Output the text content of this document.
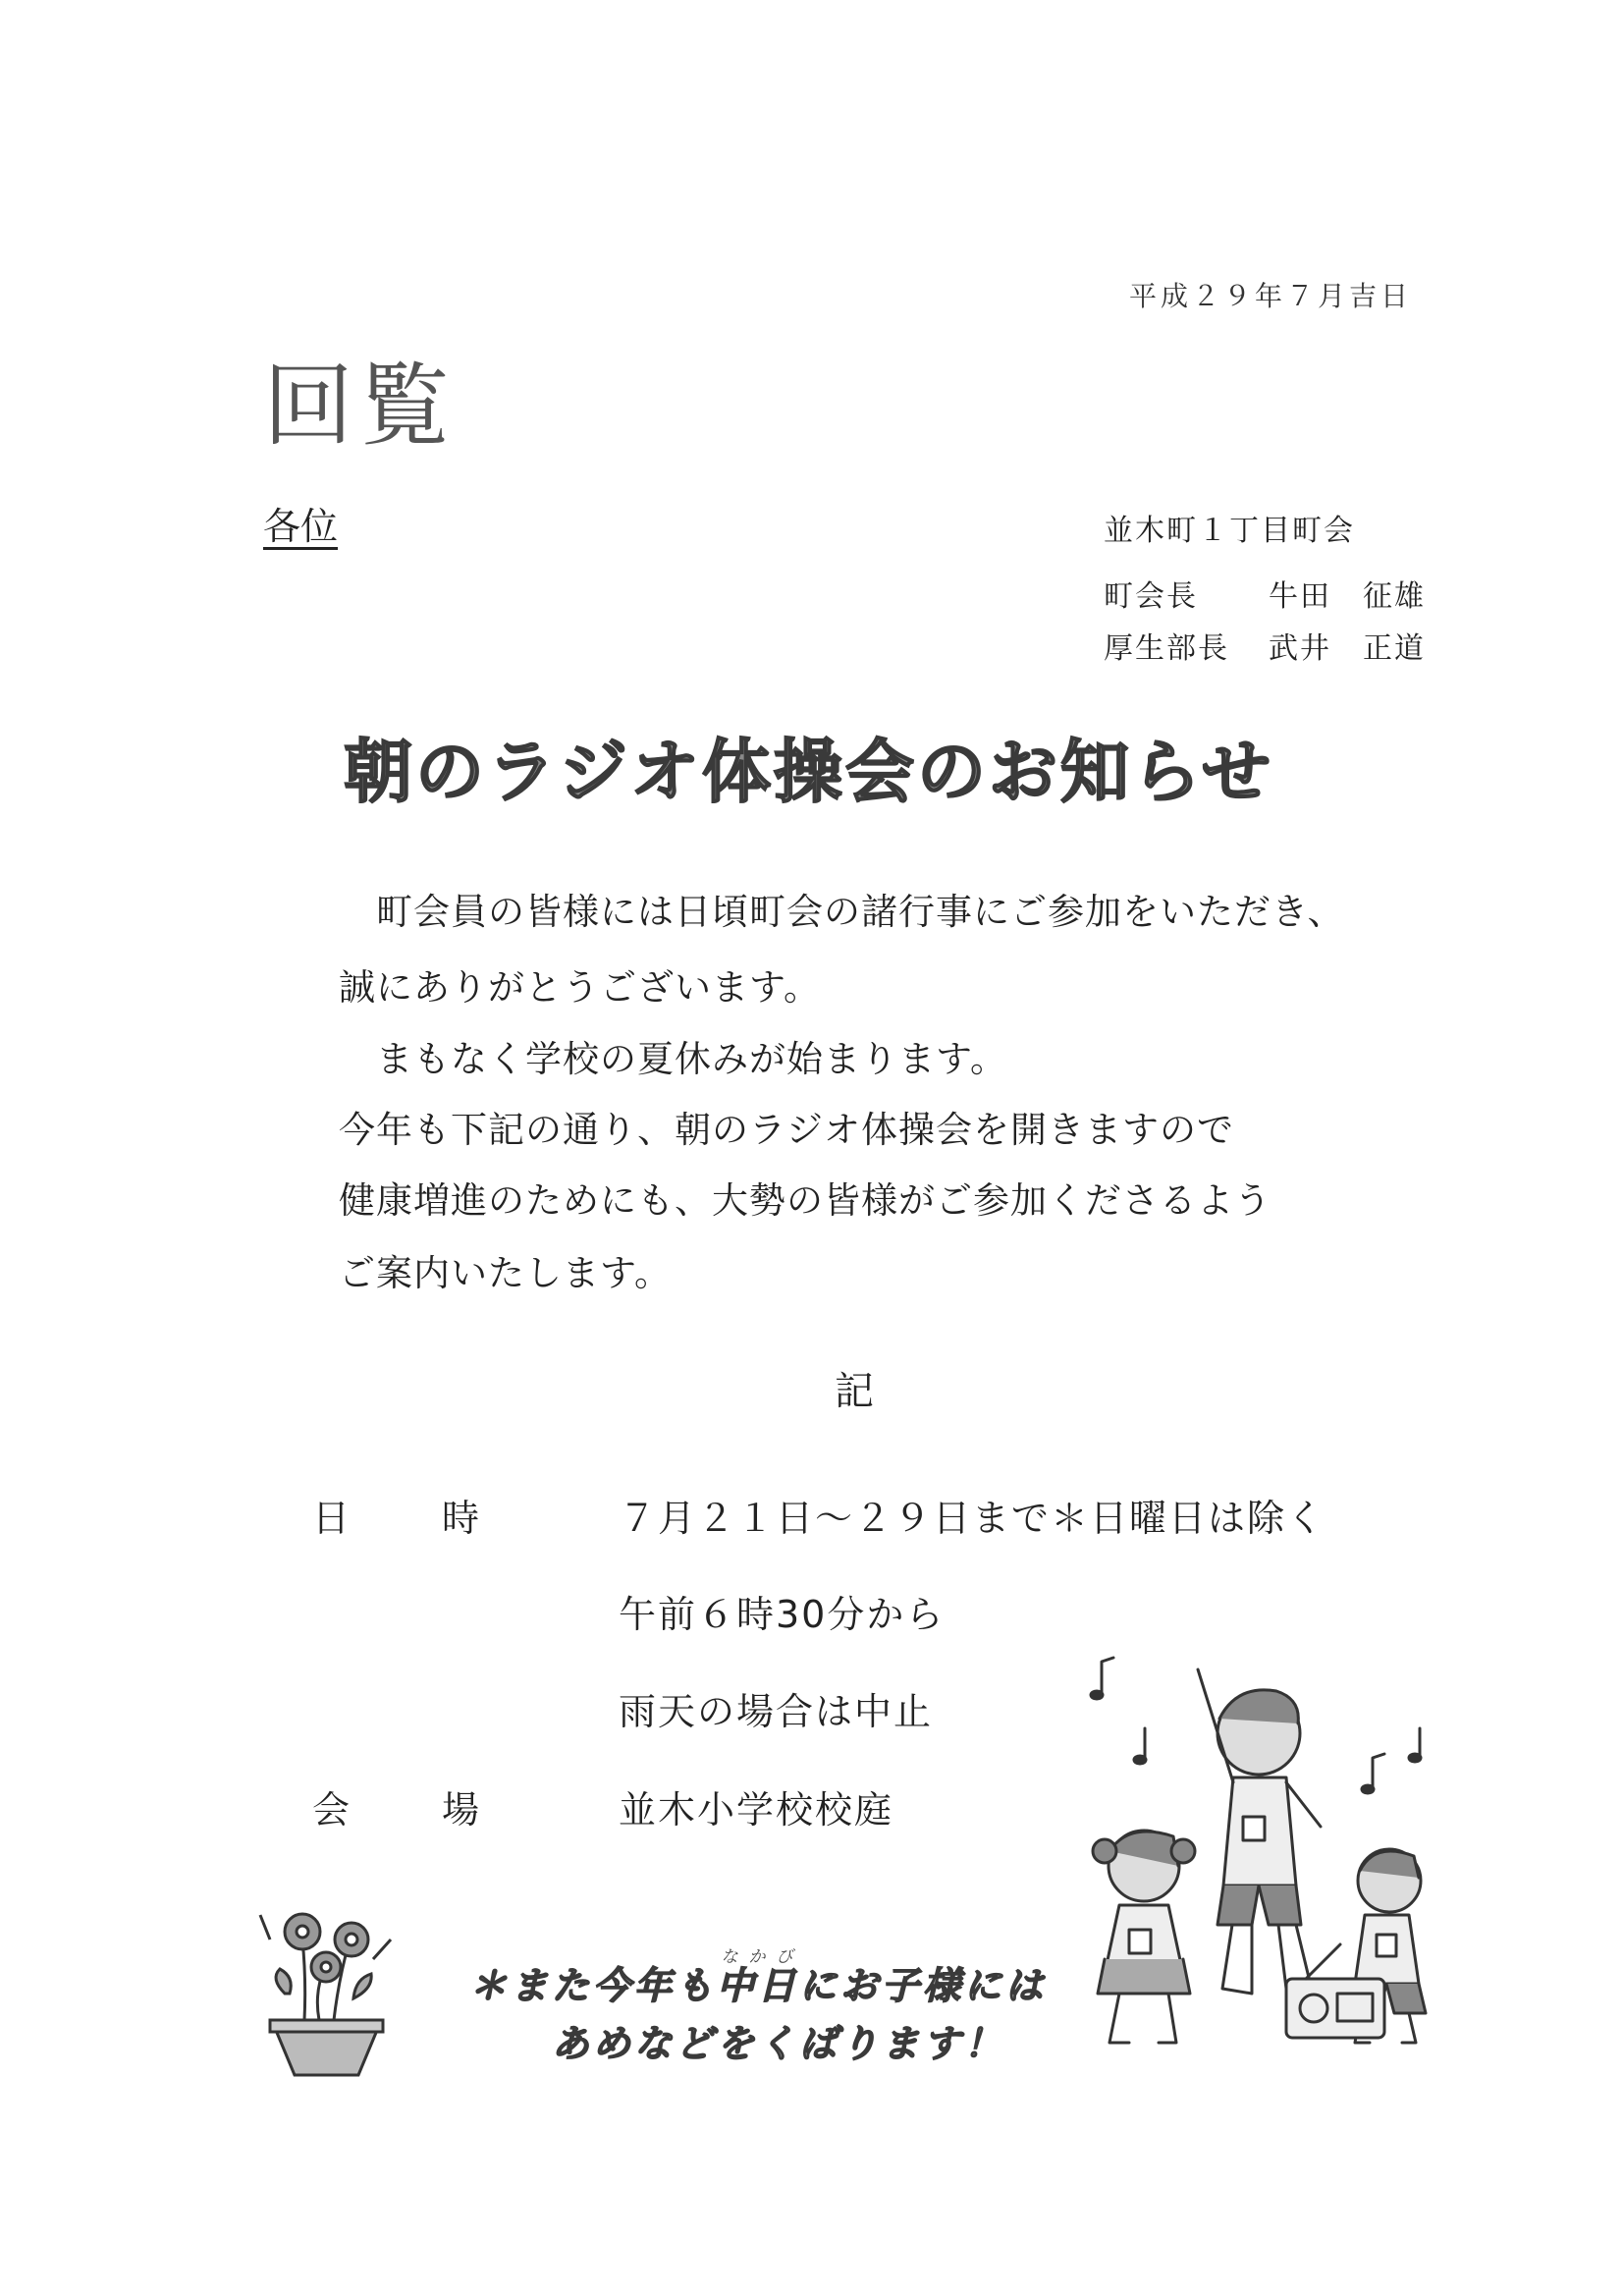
平成２９年７月吉日
回覧
各位	並木町１丁目町会
町会長 牛田　征雄
厚生部長 武井　正道
朝のラジオ体操会のお知らせ
　町会員の皆様には日頃町会の諸行事にご参加をいただき、
誠にありがとうございます。
　まもなく学校の夏休みが始まります。
今年も下記の通り、朝のラジオ体操会を開きますので
健康増進のためにも、大勢の皆様がご参加くださるよう
ご案内いたします。
記
日 時	７月２１日～２９日まで＊日曜日は除く
午前６時30分から
雨天の場合は中止
会 場	並木小学校校庭
＊また今年も中日なかびにお子様には
あめなどをくばります！
